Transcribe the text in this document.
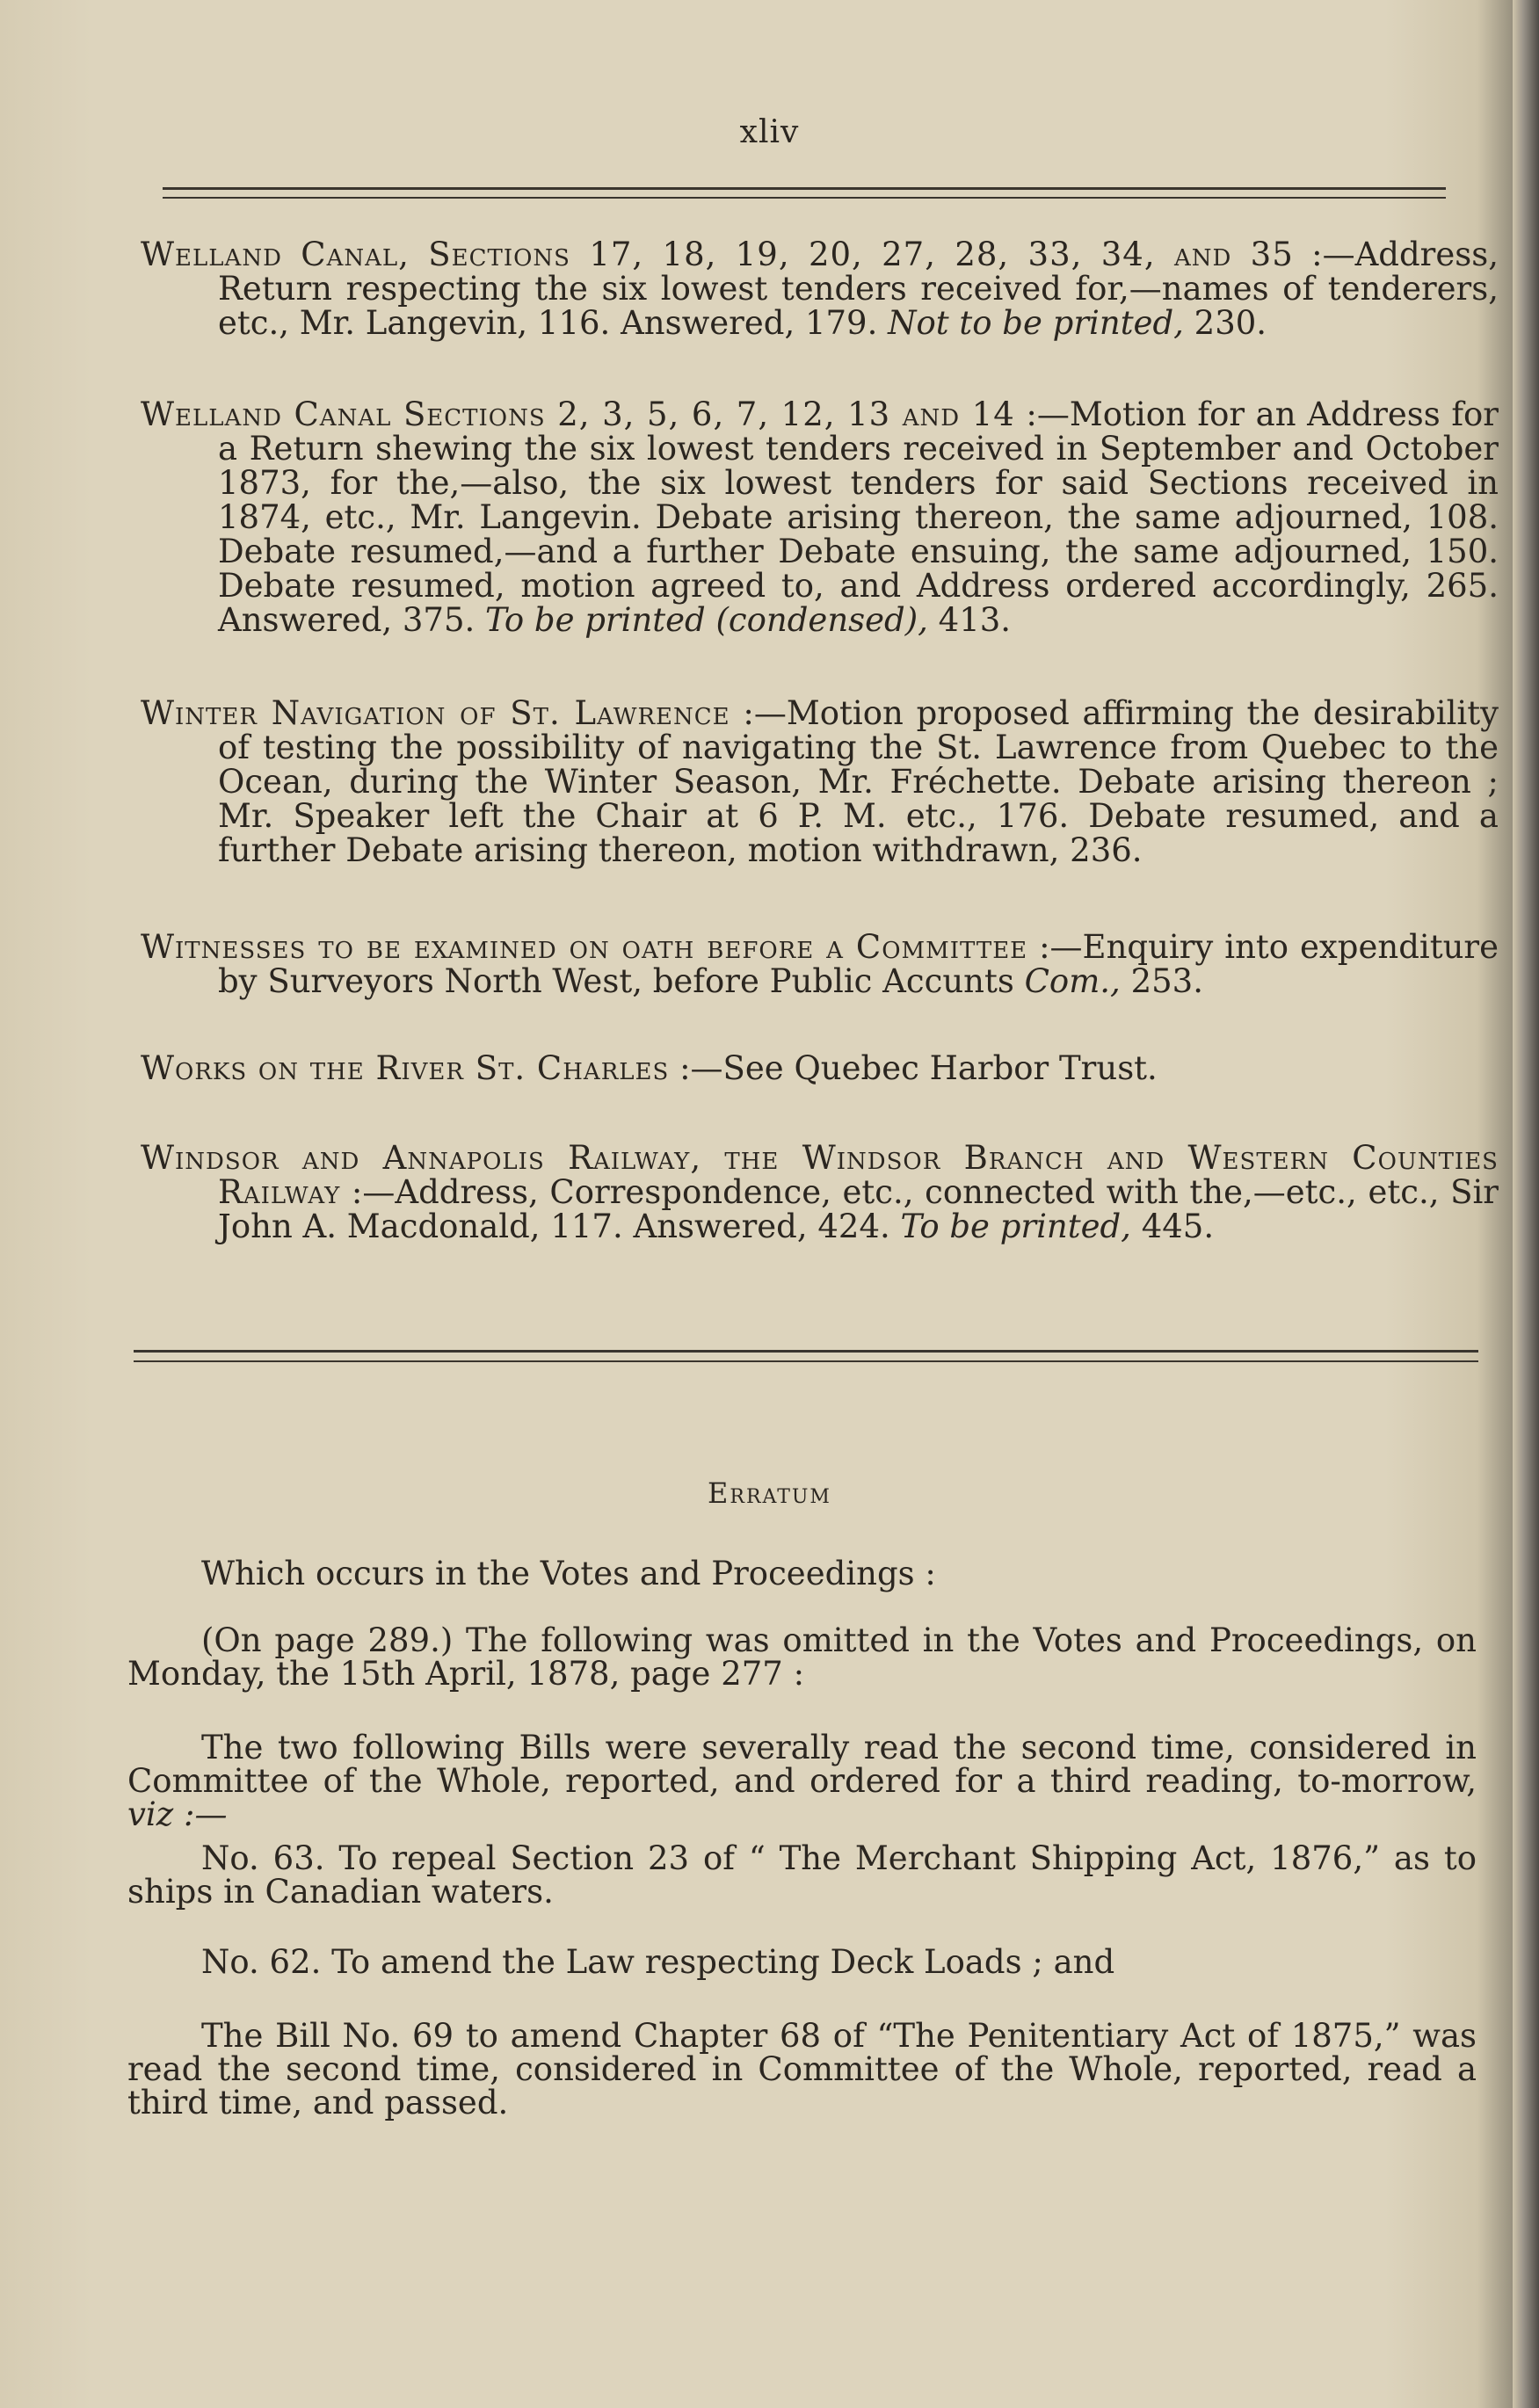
xliv
Welland Canal, Sections 17, 18, 19, 20, 27, 28, 33, 34, and 35 :—Address, Return respecting the six lowest tenders received for,—names of tenderers, etc., Mr. Langevin, 116. Answered, 179. Not to be printed, 230.
Welland Canal Sections 2, 3, 5, 6, 7, 12, 13 and 14 :—Motion for an Address for a Return shewing the six lowest tenders received in September and October 1873, for the,—also, the six lowest tenders for said Sections received in 1874, etc., Mr. Langevin. Debate arising thereon, the same adjourned, 108. Debate resumed,—and a further Debate ensuing, the same adjourned, 150. Debate resumed, motion agreed to, and Address ordered accordingly, 265. Answered, 375. To be printed (condensed), 413.
Winter Navigation of St. Lawrence :—Motion proposed affirming the desirability of testing the possibility of navigating the St. Lawrence from Quebec to the Ocean, during the Winter Season, Mr. Fréchette. Debate arising thereon ; Mr. Speaker left the Chair at 6 P. M. etc., 176. Debate resumed, and a further Debate arising thereon, motion withdrawn, 236.
Witnesses to be examined on oath before a Committee :—Enquiry into expenditure by Surveyors North West, before Public Accunts Com., 253.
Works on the River St. Charles :—See Quebec Harbor Trust.
Windsor and Annapolis Railway, the Windsor Branch and Western Counties Railway :—Address, Correspondence, etc., connected with the,—etc., etc., Sir John A. Macdonald, 117. Answered, 424. To be printed, 445.
Erratum
Which occurs in the Votes and Proceedings :
(On page 289.) The following was omitted in the Votes and Proceedings, on Monday, the 15th April, 1878, page 277 :
The two following Bills were severally read the second time, considered in Committee of the Whole, reported, and ordered for a third reading, to-morrow, viz :—
No. 63. To repeal Section 23 of “ The Merchant Shipping Act, 1876,” as to ships in Canadian waters.
No. 62. To amend the Law respecting Deck Loads ; and
The Bill No. 69 to amend Chapter 68 of “The Penitentiary Act of 1875,” was read the second time, considered in Committee of the Whole, reported, read a third time, and passed.
